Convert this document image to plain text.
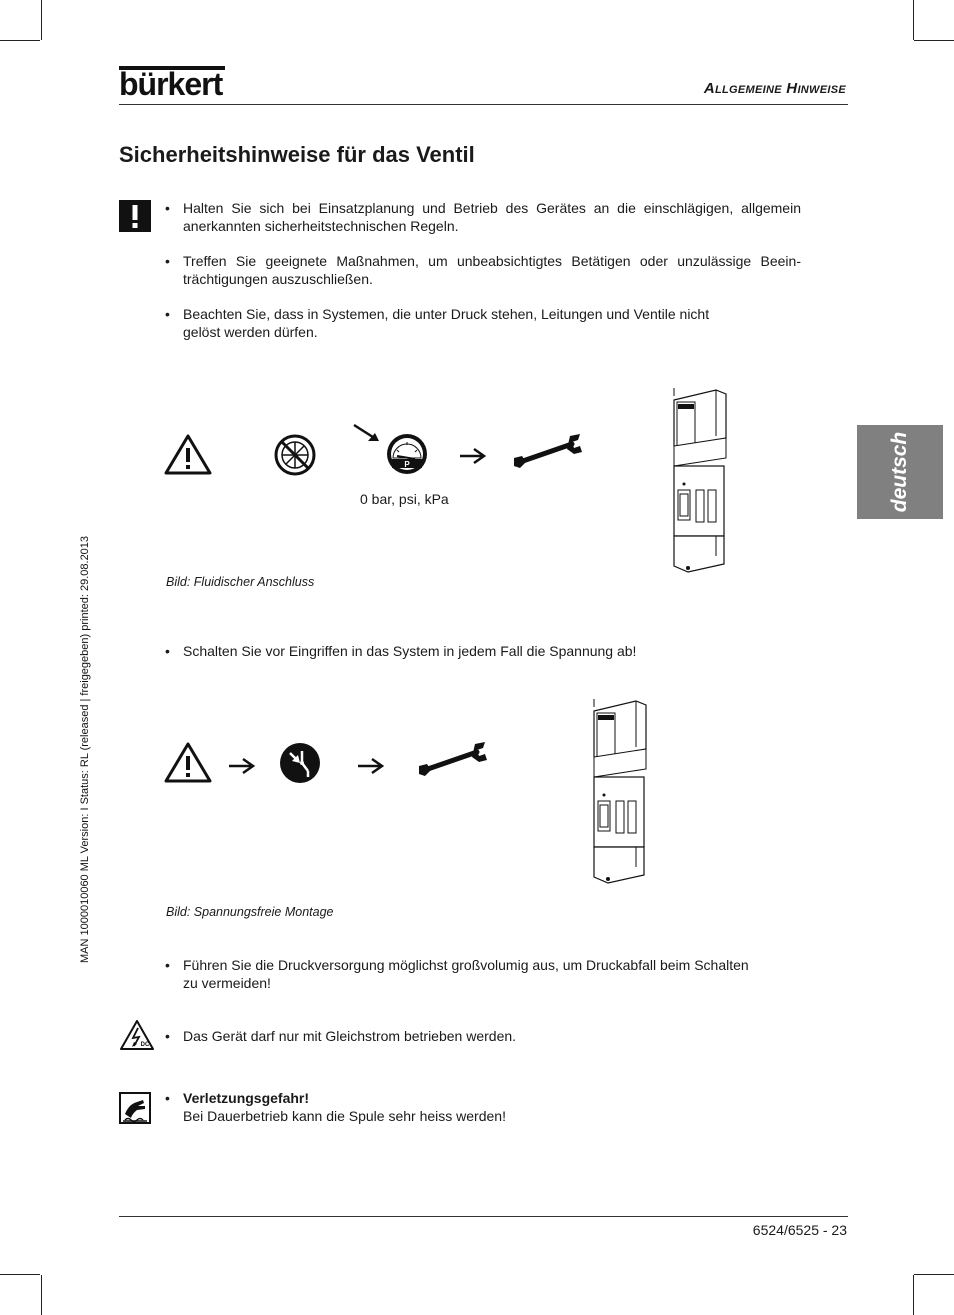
bürkert	Allgemeine Hinweise
Sicherheitshinweise für das Ventil
• Halten Sie sich bei Einsatzplanung und Betrieb des Gerätes an die einschlägigen, allgemein
anerkannten sicherheitstechnischen Regeln.
• Treffen Sie geeignete Maßnahmen, um unbeabsichtigtes Betätigen oder unzulässige Beein-
trächtigungen auszuschließen.
• Beachten Sie, dass in Systemen, die unter Druck stehen, Leitungen und Ventile nicht
gelöst werden dürfen.
P
0 bar, psi, kPa
Bild: Fluidischer Anschluss
• Schalten Sie vor Eingriffen in das System in jedem Fall die Spannung ab!
Bild: Spannungsfreie Montage
• Führen Sie die Druckversorgung möglichst großvolumig aus, um Druckabfall beim Schalten
zu vermeiden!
DC
• Das Gerät darf nur mit Gleichstrom betrieben werden.
• Verletzungsgefahr!
Bei Dauerbetrieb kann die Spule sehr heiss werden!
MAN 1000010060 ML Version: I Status: RL (released | freigegeben) printed: 29.08.2013
deutsch
6524/6525 - 23
